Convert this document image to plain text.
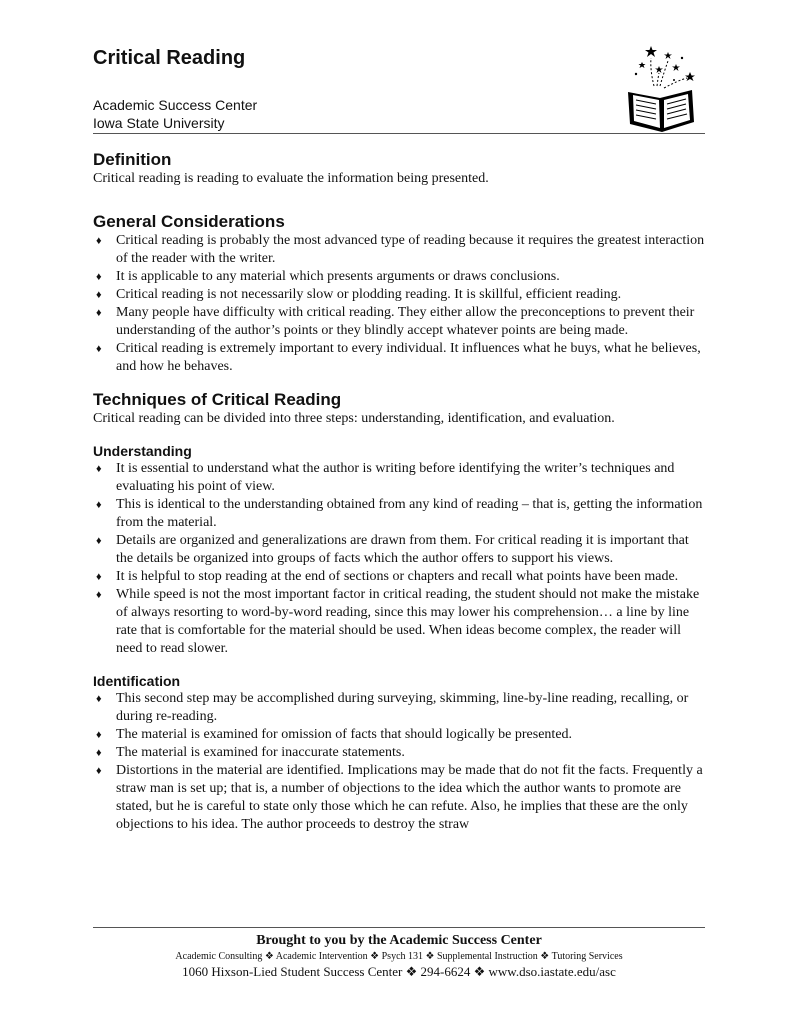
Critical Reading
Academic Success Center
Iowa State University
Definition

Critical reading is reading to evaluate the information being presented.

General Considerations
♦ Critical reading is probably the most advanced type of reading because it requires the greatest interaction of the reader with the writer.
♦ It is applicable to any material which presents arguments or draws conclusions.
♦ Critical reading is not necessarily slow or plodding reading. It is skillful, efficient reading.
♦ Many people have difficulty with critical reading. They either allow the preconceptions to prevent their understanding of the author’s points or they blindly accept whatever points are being made.
♦ Critical reading is extremely important to every individual. It influences what he buys, what he believes, and how he behaves.
Techniques of Critical Reading

Critical reading can be divided into three steps: understanding, identification, and evaluation.

Understanding
♦ It is essential to understand what the author is writing before identifying the writer’s techniques and evaluating his point of view.
♦ This is identical to the understanding obtained from any kind of reading – that is, getting the information from the material.
♦ Details are organized and generalizations are drawn from them. For critical reading it is important that the details be organized into groups of facts which the author offers to support his views.
♦ It is helpful to stop reading at the end of sections or chapters and recall what points have been made.
♦ While speed is not the most important factor in critical reading, the student should not make the mistake of always resorting to word-by-word reading, since this may lower his comprehension… a line by line rate that is comfortable for the material should be used. When ideas become complex, the reader will need to read slower.
Identification
♦ This second step may be accomplished during surveying, skimming, line-by-line reading, recalling, or during re-reading.
♦ The material is examined for omission of facts that should logically be presented.
♦ The material is examined for inaccurate statements.
♦ Distortions in the material are identified. Implications may be made that do not fit the facts. Frequently a straw man is set up; that is, a number of objections to the idea which the author wants to promote are stated, but he is careful to state only those which he can refute. Also, he implies that these are the only objections to his idea. The author proceeds to destroy the straw
Brought to you by the Academic Success Center
Academic Consulting ❖ Academic Intervention ❖ Psych 131 ❖ Supplemental Instruction ❖ Tutoring Services
1060 Hixson-Lied Student Success Center ❖ 294-6624 ❖ www.dso.iastate.edu/asc
